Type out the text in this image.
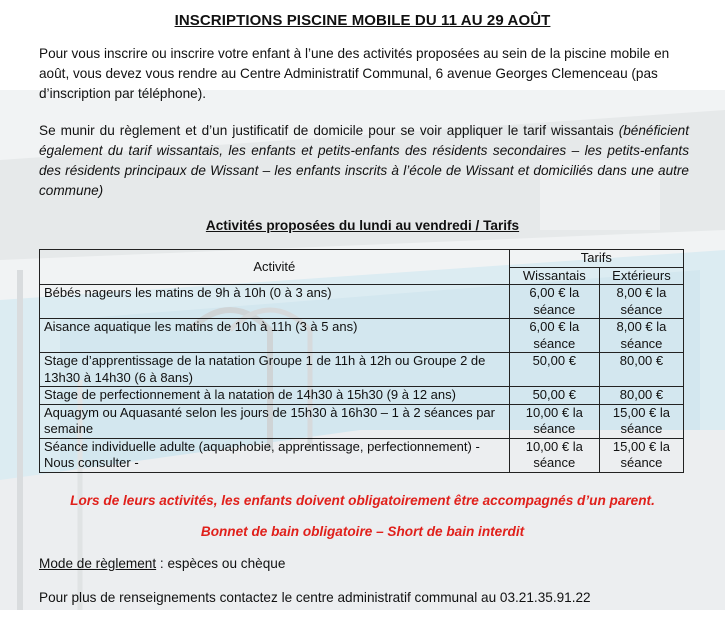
INSCRIPTIONS PISCINE MOBILE DU 11 AU 29 AOÛT
Pour vous inscrire ou inscrire votre enfant à l’une des activités proposées au sein de la piscine mobile en août, vous devez vous rendre au Centre Administratif Communal, 6 avenue Georges Clemenceau (pas d’inscription par téléphone).
Se munir du règlement et d’un justificatif de domicile pour se voir appliquer le tarif wissantais (bénéficient également du tarif wissantais, les enfants et petits-enfants des résidents secondaires – les petits-enfants des résidents principaux de Wissant – les enfants inscrits à l’école de Wissant et domiciliés dans une autre commune)
Activités proposées du lundi au vendredi / Tarifs
Activité	Tarifs	
	Wissantais	Extérieurs
Bébés nageurs les matins de 9h à 10h (0 à 3 ans)	6,00 € la séance	8,00 € la séance
Aisance aquatique les matins de 10h à 11h (3 à 5 ans)	6,00 € la séance	8,00 € la séance
Stage d’apprentissage de la natation Groupe 1 de 11h à 12h ou Groupe 2 de 13h30 à 14h30 (6 à 8ans)	50,00 €	80,00 €
Stage de perfectionnement à la natation de 14h30 à 15h30 (9 à 12 ans)	50,00 €	80,00 €
Aquagym ou Aquasanté selon les jours de 15h30 à 16h30 – 1 à 2 séances par semaine	10,00 € la séance	15,00 € la séance
Séance individuelle adulte (aquaphobie, apprentissage, perfectionnement) - Nous consulter -	10,00 € la séance	15,00 € la séance
Lors de leurs activités, les enfants doivent obligatoirement être accompagnés d’un parent.
Bonnet de bain obligatoire – Short de bain interdit
Mode de règlement : espèces ou chèque
Pour plus de renseignements contactez le centre administratif communal au 03.21.35.91.22
